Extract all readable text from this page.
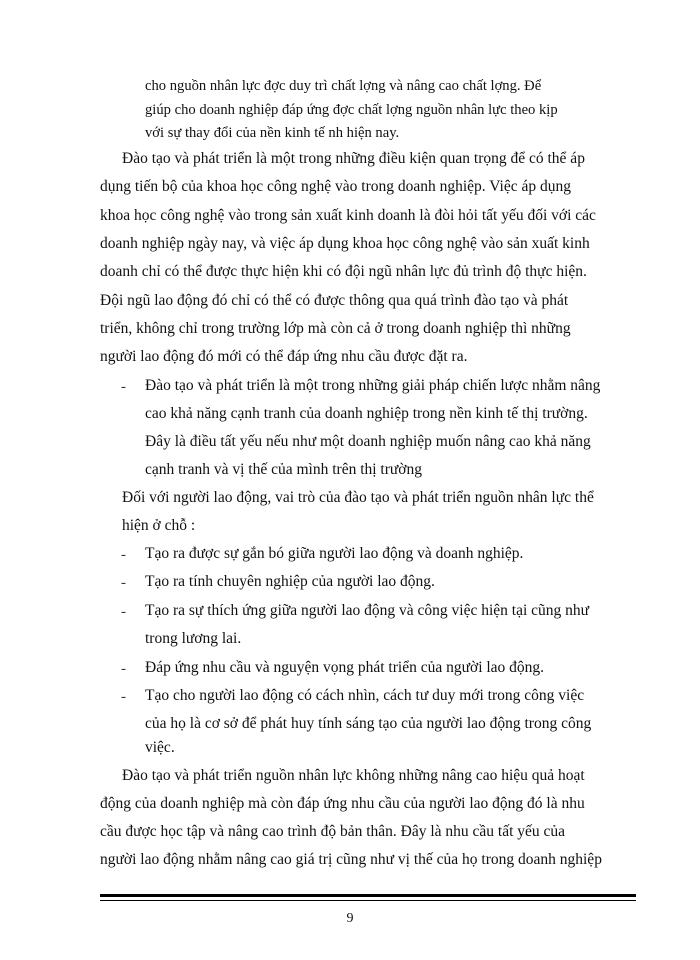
cho nguồn nhân lực đợc duy trì chất lợng và nâng cao chất lợng. Để
giúp cho doanh nghiệp đáp ứng đợc chất lợng nguồn nhân lực theo kịp
với sự thay đổi của nền kinh tế nh hiện nay.
Đào tạo và phát triển là một trong những điều kiện quan trọng để có thể áp
dụng tiến bộ của khoa học công nghệ vào trong doanh nghiệp. Việc áp dụng
khoa học công nghệ vào trong sản xuất kinh doanh là đòi hỏi tất yếu đối với các
doanh nghiệp ngày nay, và việc áp dụng khoa học công nghệ vào sản xuất kinh
doanh chỉ có thể được thực hiện khi có đội ngũ nhân lực đủ trình độ thực hiện.
Đội ngũ lao động đó chỉ có thể có được thông qua quá trình đào tạo và phát
triển, không chỉ trong trường lớp mà còn cả ở trong doanh nghiệp thì những
người lao động đó mới có thể đáp ứng nhu cầu được đặt ra.
- Đào tạo và phát triển là một trong những giải pháp chiến lược nhằm nâng
cao khả năng cạnh tranh của doanh nghiệp trong nền kinh tế thị trường.
Đây là điều tất yếu nếu như một doanh nghiệp muốn nâng cao khả năng
cạnh tranh và vị thế của mình trên thị trường
Đối với người lao động, vai trò của đào tạo và phát triển nguồn nhân lực thể
hiện ở chỗ :
- Tạo ra được sự gắn bó giữa người lao động và doanh nghiệp.
- Tạo ra tính chuyên nghiệp của người lao động.
- Tạo ra sự thích ứng giữa người lao động và công việc hiện tại cũng như
trong lương lai.
- Đáp ứng nhu cầu và nguyện vọng phát triển của người lao động.
- Tạo cho người lao động có cách nhìn, cách tư duy mới trong công việc
của họ là cơ sở để phát huy tính sáng tạo của người lao động trong công
việc.
Đào tạo và phát triển nguồn nhân lực không những nâng cao hiệu quả hoạt
động của doanh nghiệp mà còn đáp ứng nhu cầu của người lao động đó là nhu
cầu được học tập và nâng cao trình độ bản thân. Đây là nhu cầu tất yếu của
người lao động nhằm nâng cao giá trị cũng như vị thế của họ trong doanh nghiệp
9
